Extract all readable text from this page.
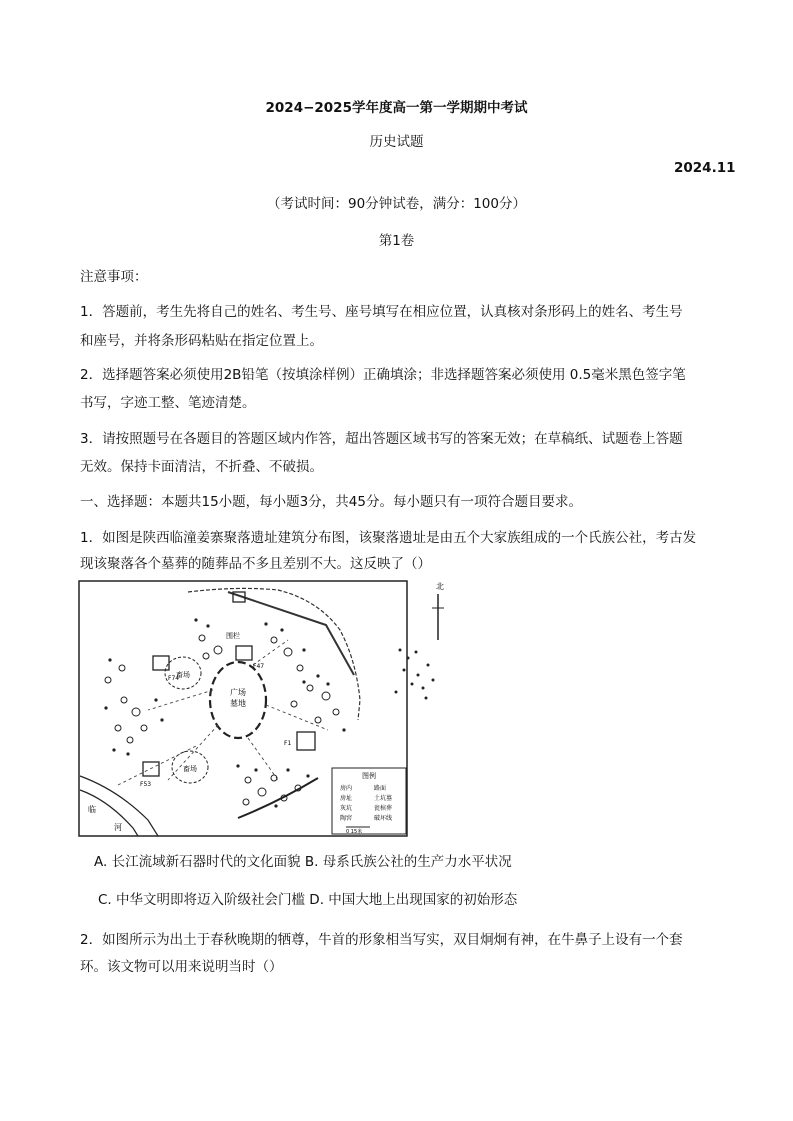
2024−2025学年度高一第一学期期中考试
历史试题
2024.11
（考试时间：90分钟试卷，满分：100分）
第1卷
注意事项：
1．答题前，考生先将自己的姓名、考生号、座号填写在相应位置，认真核对条形码上的姓名、考生号
和座号，并将条形码粘贴在指定位置上。
2．选择题答案必须使用2B铅笔（按填涂样例）正确填涂；非选择题答案必须使用 0.5毫米黑色签字笔
书写，字迹工整、笔迹清楚。
3．请按照题号在各题目的答题区域内作答，超出答题区域书写的答案无效；在草稿纸、试题卷上答题
无效。保持卡面清洁，不折叠、不破损。
一、选择题：本题共15小题，每小题3分，共45分。每小题只有一项符合题目要求。
1．如图是陕西临潼姜寨聚落遗址建筑分布图，该聚落遗址是由五个大家族组成的一个氏族公社，考古发
现该聚落各个墓葬的随葬品不多且差别不大。这反映了（）
北
广场
墓地
畜场
畜场
围栏
F47
F74
F53
F1
临
河
图例
房内
房址
灰坑
陶窖
路面
土坑墓
瓮棺葬
破坏线
0 15米
A. 长江流域新石器时代的文化面貌 B. 母系氏族公社的生产力水平状况
C. 中华文明即将迈入阶级社会门槛 D. 中国大地上出现国家的初始形态
2．如图所示为出土于春秋晚期的牺尊，牛首的形象相当写实，双目炯炯有神，在牛鼻子上设有一个套
环。该文物可以用来说明当时（）
